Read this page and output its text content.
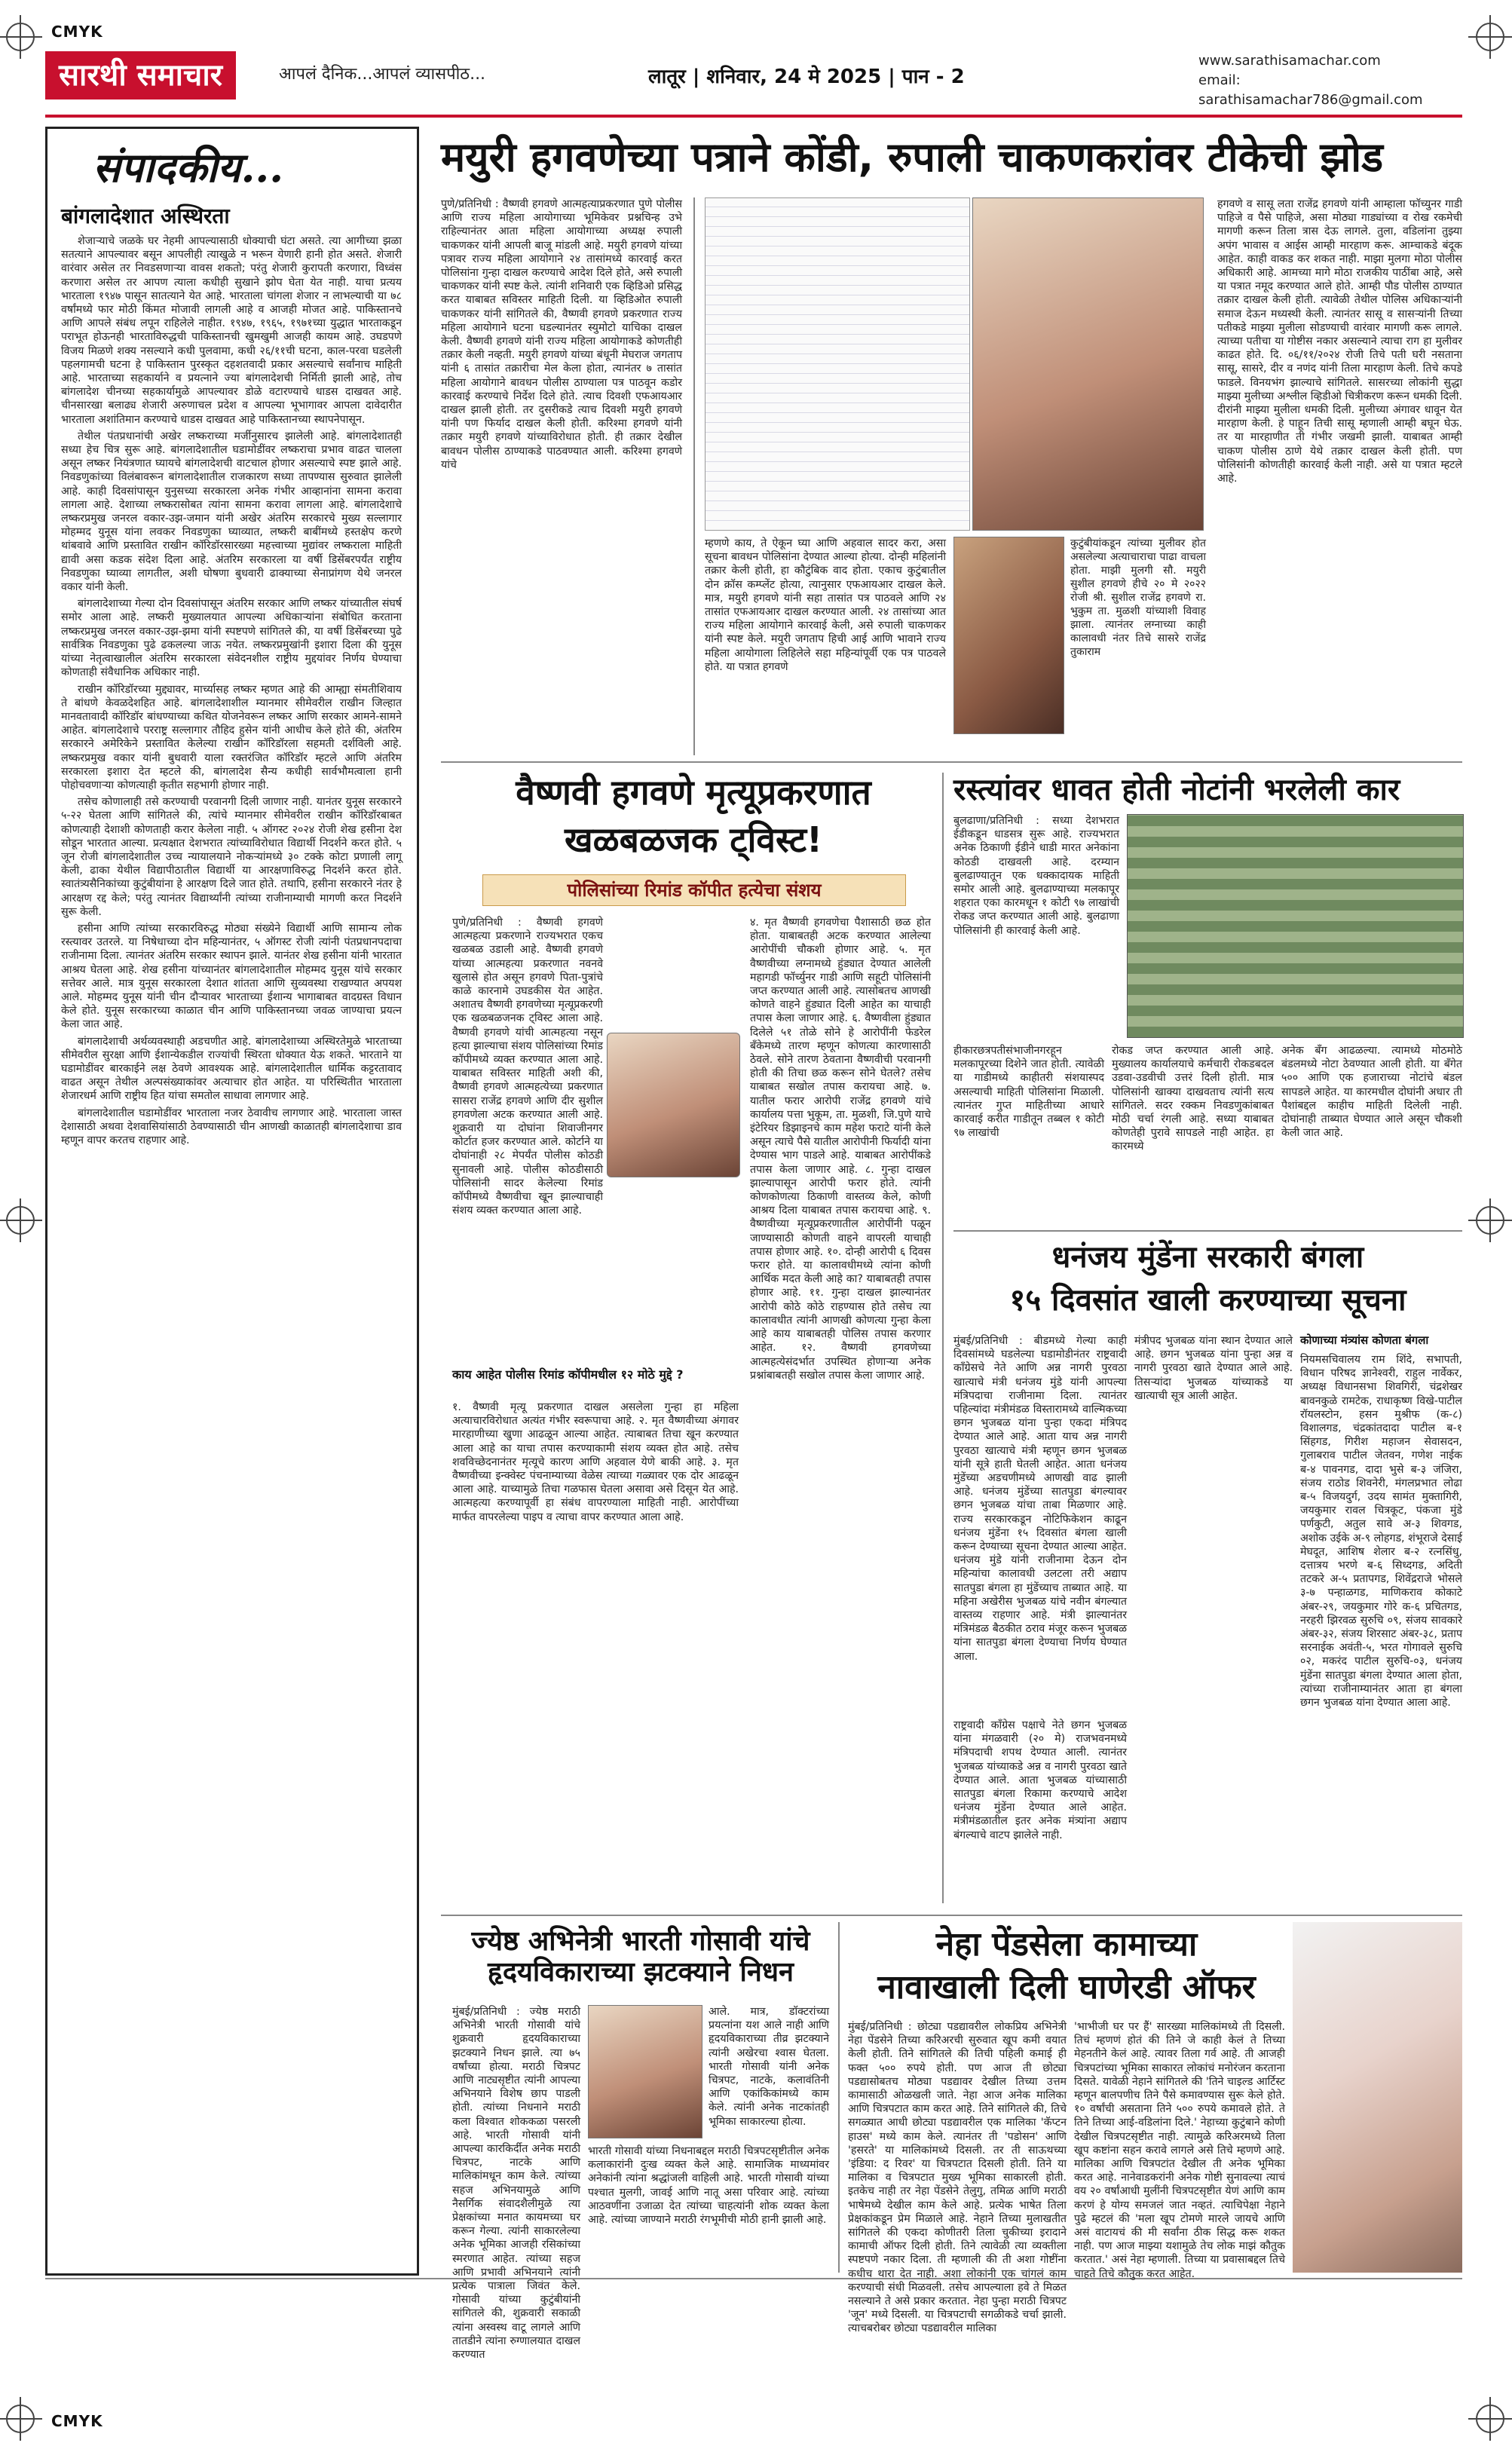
CMYK
CMYK
सारथी समाचार	आपलं दैनिक...आपलं व्यासपीठ...	लातूर | शनिवार, 24 मे 2025 | पान - 2
www.sarathisamachar.com
email: sarathisamachar786@gmail.com
संपादकीय...
बांगलादेशात अस्थिरता

शेजाऱ्याचे जळके घर नेहमी आपल्यासाठी धोक्याची घंटा असते. त्या आगीच्या झळा सतत्याने आपल्यावर बसून आपलीही त्याखुळे न भरून येणारी हानी होत असते. शेजारी वारंवार असेल तर निवडसणाऱ्या वावस शकतो; परंतु शेजारी कुरापती करणारा, विध्वंस करणारा असेल तर आपण त्याला कधीही सुखाने झोप घेता येत नाही. याचा प्रत्यय भारताला १९४७ पासून सातत्याने येत आहे. भारताला चांगला शेजार न लाभल्याची या ७८ वर्षांमध्ये फार मोठी किंमत मोजावी लागली आहे व आजही मोजत आहे. पाकिस्तानचे आणि आपले संबंध लपून राहिलेले नाहीत. १९४७, १९६५, १९७१च्या युद्धात भारताकडून पराभूत होऊनही भारताविरुद्धची पाकिस्तानची खुमखुमी आजही कायम आहे. उघडपणे विजय मिळणे शक्य नसल्याने कधी पुलवामा, कधी २६/११ची घटना, काल-परवा घडलेली पहलगामची घटना हे पाकिस्तान पुरस्कृत दहशतवादी प्रकार असल्याचे सर्वांनाच माहिती आहे. भारताच्या सहकार्याने व प्रयत्नाने ज्या बांगलादेशची निर्मिती झाली आहे, तोच बांगलादेश चीनच्या सहकार्यामुळे आपल्यावर डोळे वटारण्याचे धाडस दाखवत आहे. चीनसारखा बलाढ्य शेजारी अरुणाचल प्रदेश व आपल्या भूभागावर आपला दावेदारीत भारताला अशांतिमान करण्याचे धाडस दाखवत आहे पाकिस्तानच्या स्थापनेपासून.

तेथील पंतप्रधानांची अखेर लष्कराच्या मर्जीनुसारच झालेली आहे. बांगलादेशातही सध्या हेच चित्र सुरू आहे. बांगलादेशातील घडामोडींवर लष्कराचा प्रभाव वाढत चालला असून लष्कर नियंत्रणात घ्यायचे बांगलादेशची वाटचाल होणार असल्याचे स्पष्ट झाले आहे. निवडणुकांच्या विलंबावरून बांगलादेशातील राजकारण सध्या तापण्यास सुरुवात झालेली आहे. काही दिवसांपासून युनुसच्या सरकारला अनेक गंभीर आव्हानांना सामना करावा लागला आहे. देशाच्या लष्करासोबत त्यांना सामना करावा लागला आहे. बांगलादेशाचे लष्करप्रमुख जनरल वकार-उझ-जमान यांनी अखेर अंतरिम सरकारचे मुख्य सल्लागार मोहम्मद युनूस यांना लवकर निवडणुका घ्याव्यात, लष्करी बाबींमध्ये हस्तक्षेप करणे थांबवावे आणि प्रस्तावित राखीन कॉरिडॉरसारख्या महत्त्वाच्या मुद्यांवर लष्कराला माहिती द्यावी असा कडक संदेश दिला आहे. अंतरिम सरकारला या वर्षी डिसेंबरपर्यंत राष्ट्रीय निवडणुका घ्याव्या लागतील, अशी घोषणा बुधवारी ढाक्याच्या सेनाप्रांगण येथे जनरल वकार यांनी केली.

बांगलादेशाच्या गेल्या दोन दिवसांपासून अंतरिम सरकार आणि लष्कर यांच्यातील संघर्ष समोर आला आहे. लष्करी मुख्यालयात आपल्या अधिकाऱ्यांना संबोधित करताना लष्करप्रमुख जनरल वकार-उझ-झमा यांनी स्पष्टपणे सांगितले की, या वर्षी डिसेंबरच्या पुढे सार्वत्रिक निवडणुका पुढे ढकलल्या जाऊ नयेत. लष्करप्रमुखांनी इशारा दिला की युनूस यांच्या नेतृत्वाखालील अंतरिम सरकारला संवेदनशील राष्ट्रीय मुद्दयांवर निर्णय घेण्याचा कोणताही संवैधानिक अधिकार नाही.

राखीन कॉरिडॉरच्या मुद्द्यावर, मार्च्यासह लष्कर म्हणत आहे की आम्ह्या संमतीशिवाय ते बांधणे केवळदेशहित आहे. बांगलादेशाशील म्यानमार सीमेवरील राखीन जिल्हात मानवतावादी कॉरिडॉर बांधण्याच्या कथित योजनेवरून लष्कर आणि सरकार आमने-सामने आहेत. बांगलादेशाचे परराष्ट्र सल्लागार तौहिद हुसेन यांनी आधीच केले होते की, अंतरिम सरकारने अमेरिकेने प्रस्तावित केलेल्या राखीन कॉरिडॉरला सहमती दर्शविली आहे. लष्करप्रमुख वकार यांनी बुधवारी याला रक्तरंजित कॉरिडॉर म्हटले आणि अंतरिम सरकारला इशारा देत म्हटले की, बांगलादेश सैन्य कधीही सार्वभौमत्वाला हानी पोहोचवणाऱ्या कोणत्याही कृतीत सहभागी होणार नाही.

तसेच कोणालाही तसे करण्याची परवानगी दिली जाणार नाही. यानंतर युनूस सरकारने ५-२२ घेतला आणि सांगितले की, त्यांचे म्यानमार सीमेवरील राखीन कॉरिडॉरबाबत कोणत्याही देशाशी कोणताही करार केलेला नाही. ५ ऑगस्ट २०२४ रोजी शेख हसीना देश सोडून भारतात आल्या. प्रत्यक्षात देशभरात त्यांच्याविरोधात विद्यार्थी निदर्शने करत होते. ५ जून रोजी बांगलादेशातील उच्च न्यायालयाने नोकऱ्यांमध्ये ३० टक्के कोटा प्रणाली लागू केली, ढाका येथील विद्यापीठातील विद्यार्थी या आरक्षणाविरुद्ध निदर्शने करत होते. स्वातंत्र्यसैनिकांच्या कुटुंबीयांना हे आरक्षण दिले जात होते. तथापि, हसीना सरकारने नंतर हे आरक्षण रद्द केले; परंतु त्यानंतर विद्यार्थ्यांनी त्यांच्या राजीनाम्याची मागणी करत निदर्शने सुरू केली.

हसीना आणि त्यांच्या सरकारविरुद्ध मोठ्या संख्येने विद्यार्थी आणि सामान्य लोक रस्त्यावर उतरले. या निषेधाच्या दोन महिन्यानंतर, ५ ऑगस्ट रोजी त्यांनी पंतप्रधानपदाचा राजीनामा दिला. त्यानंतर अंतरिम सरकार स्थापन झाले. यानंतर शेख हसीना यांनी भारतात आश्रय घेतला आहे. शेख हसीना यांच्यानंतर बांगलादेशातील मोहम्मद युनूस यांचे सरकार सत्तेवर आले. मात्र युनूस सरकारला देशात शांतता आणि सुव्यवस्था राखण्यात अपयश आले. मोहम्मद युनूस यांनी चीन दौऱ्यावर भारताच्या ईशान्य भागाबाबत वादग्रस्त विधान केले होते. युनूस सरकारच्या काळात चीन आणि पाकिस्तानच्या जवळ जाण्याचा प्रयत्न केला जात आहे.

बांगलादेशाची अर्थव्यवस्थाही अडचणीत आहे. बांगलादेशाच्या अस्थिरतेमुळे भारताच्या सीमेवरील सुरक्षा आणि ईशान्येकडील राज्यांची स्थिरता धोक्यात येऊ शकते. भारताने या घडामोडींवर बारकाईने लक्ष ठेवणे आवश्यक आहे. बांगलादेशातील धार्मिक कट्टरतावाद वाढत असून तेथील अल्पसंख्याकांवर अत्याचार होत आहेत. या परिस्थितीत भारताला शेजारधर्म आणि राष्ट्रीय हित यांचा समतोल साधावा लागणार आहे.

बांगलादेशातील घडामोडींवर भारताला नजर ठेवावीच लागणार आहे. भारताला जास्त देशासाठी अथवा देशवासियांसाठी ठेवण्यासाठी चीन आणखी काळातही बांगलादेशाचा डाव म्हणून वापर करतच राहणार आहे.

मयुरी हगवणेच्या पत्राने कोंडी, रुपाली चाकणकरांवर टीकेची झोड
पुणे/प्रतिनिधी : वैष्णवी हगवणे आत्महत्याप्रकरणात पुणे पोलीस आणि राज्य महिला आयोगाच्या भूमिकेवर प्रश्नचिन्ह उभे राहिल्यानंतर आता महिला आयोगाच्या अध्यक्ष रुपाली चाकणकर यांनी आपली बाजू मांडली आहे. मयुरी हगवणे यांच्या पत्रावर राज्य महिला आयोगाने २४ तासांमध्ये कारवाई करत पोलिसांना गुन्हा दाखल करण्याचे आदेश दिले होते, असे रुपाली चाकणकर यांनी स्पष्ट केले. त्यांनी शनिवारी एक व्हिडिओ प्रसिद्ध करत याबाबत सविस्तर माहिती दिली. या व्हिडिओत रुपाली चाकणकर यांनी सांगितले की, वैष्णवी हगवणे प्रकरणात राज्य महिला आयोगाने घटना घडल्यानंतर स्युमोटो याचिका दाखल केली. वैष्णवी हगवणे यांनी राज्य महिला आयोगाकडे कोणतीही तक्रार केली नव्हती. मयुरी हगवणे यांच्या बंधूनी मेघराज जगताप यांनी ६ तासांत तक्रारीचा मेल केला होता, त्यानंतर ७ तासांत महिला आयोगाने बावधन पोलीस ठाण्याला पत्र पाठवून कडोर कारवाई करण्याचे निर्देश दिले होते. त्याच दिवशी एफआयआर दाखल झाली होती. तर दुसरीकडे त्याच दिवशी मयुरी हगवणे यांनी पण फिर्याद दाखल केली होती. करिश्मा हगवणे यांनी तक्रार मयुरी हगवणे यांच्याविरोधात होती. ही तक्रार देखील बावधन पोलीस ठाण्याकडे पाठवण्यात आली. करिश्मा हगवणे यांचे
म्हणणे काय, ते ऐकून घ्या आणि अहवाल सादर करा, असा सूचना बावधन पोलिसांना देण्यात आल्या होत्या. दोन्ही महिलांनी तक्रार केली होती, हा कौटुंबिक वाद होता. एकाच कुटुंबातील दोन क्रॉस कम्प्लेंट होत्या, त्यानुसार एफआयआर दाखल केले. मात्र, मयुरी हगवणे यांनी सहा तासांत पत्र पाठवले आणि २४ तासांत एफआयआर दाखल करण्यात आली. २४ तासांच्या आत राज्य महिला आयोगाने कारवाई केली, असे रुपाली चाकणकर यांनी स्पष्ट केले. मयुरी जगताप हिची आई आणि भावाने राज्य महिला आयोगाला लिहिलेले सहा महिन्यांपूर्वी एक पत्र पाठवले होते. या पत्रात हगवणे
कुटुंबीयांकडून त्यांच्या मुलीवर होत असलेल्या अत्याचाराचा पाढा वाचला होता. माझी मुलगी सौ. मयुरी सुशील हगवणे हीचे २० मे २०२२ रोजी श्री. सुशील राजेंद्र हगवणे रा. भुकुम ता. मुळशी यांच्याशी विवाह झाला. त्यानंतर लग्नाच्या काही कालावधी नंतर तिचे सासरे राजेंद्र तुकाराम
हगवणे व सासू लता राजेंद्र हगवणे यांनी आम्हाला फॉच्युनर गाडी पाहिजे व पैसे पाहिजे, असा मोठ्या गाड्यांच्या व रोख रकमेची मागणी करून तिला त्रास देऊ लागले. तुला, वडिलांना तुझ्या अपंग भावास व आईस आम्ही मारहाण करू. आम्चाकडे बंदूक आहेत. काही वाकड कर शकत नाही. माझा मुलगा मोठा पोलीस अधिकारी आहे. आमच्या मागे मोठा राजकीय पाठींबा आहे, असे या पत्रात नमूद करण्यात आले होते. आम्ही पौड पोलीस ठाण्यात तक्रार दाखल केली होती. त्यावेळी तेथील पोलिस अधिकाऱ्यांनी समाज देऊन मध्यस्थी केली. त्यानंतर सासू व सासऱ्यांनी तिच्या पतीकडे माझ्या मुलीला सोडण्याची वारंवार मागणी करू लागले. त्याच्या पतीचा या गोष्टीस नकार असल्याने त्याचा राग हा मुलीवर काढत होते. दि. ०६/११/२०२४ रोजी तिचे पती घरी नसताना सासू, सासरे, दीर व नणंद यांनी तिला मारहाण केली. तिचे कपडे फाडले. विनयभंग झाल्याचे सांगितले. सासरच्या लोकांनी सुद्धा माझ्या मुलीच्या अश्लील व्हिडीओ चित्रीकरण करून धमकी दिली. दीरांनी माझ्या मुलीला धमकी दिली. मुलीच्या अंगावर धावून येत मारहाण केली. हे पाहून तिची सासू म्हणाली आम्ही बघून घेऊ. तर या मारहाणीत ती गंभीर जखमी झाली. याबाबत आम्ही चाकण पोलीस ठाणे येथे तक्रार दाखल केली होती. पण पोलिसांनी कोणतीही कारवाई केली नाही. असे या पत्रात म्हटले आहे.
वैष्णवी हगवणे मृत्यूप्रकरणात
खळबळजक ट्विस्ट!
पोलिसांच्या रिमांड कॉपीत हत्येचा संशय
पुणे/प्रतिनिधी : वैष्णवी हगवणे आत्महत्या प्रकरणाने राज्यभरात एकच खळबळ उडाली आहे. वैष्णवी हगवणे यांच्या आत्महत्या प्रकरणात नवनवे खुलासे होत असून हगवणे पिता-पुत्रांचे काळे कारनामे उघडकीस येत आहेत. अशातच वैष्णवी हगवणेच्या मृत्यूप्रकरणी एक खळबळजनक ट्विस्ट आला आहे. वैष्णवी हगवणे यांची आत्महत्या नसून हत्या झाल्याचा संशय पोलिसांच्या रिमांड कॉपीमध्ये व्यक्त करण्यात आला आहे. याबाबत सविस्तर माहिती अशी की, वैष्णवी हगवणे आत्महत्येच्या प्रकरणात सासरा राजेंद्र हगवणे आणि दीर सुशील हगवणेला अटक करण्यात आली आहे. शुक्रवारी या दोघांना शिवाजीनगर कोर्टात हजर करण्यात आले. कोर्टाने या दोघांनाही २८ मेपर्यंत पोलीस कोठडी सुनावली आहे. पोलीस कोठडीसाठी पोलिसांनी सादर केलेल्या रिमांड कॉपीमध्ये वैष्णवीचा खून झाल्याचाही संशय व्यक्त करण्यात आला आहे.
काय आहेत पोलीस रिमांड कॉपीमधील १२ मोठे मुद्दे ?
१. वैष्णवी मृत्यू प्रकरणात दाखल असलेला गुन्हा हा महिला अत्याचारविरोधात अत्यंत गंभीर स्वरूपाचा आहे. २. मृत वैष्णवीच्या अंगावर मारहाणीच्या खुणा आढळून आल्या आहेत. त्याबाबत तिचा खून करण्यात आला आहे का याचा तपास करण्याकामी संशय व्यक्त होत आहे. तसेच शवविच्छेदनानंतर मृत्यूचे कारण आणि अहवाल येणे बाकी आहे. ३. मृत वैष्णवीच्या इन्क्वेस्ट पंचनाम्याच्या वेळेस त्याच्या गळ्यावर एक दोर आढळून आला आहे. याच्यामुळे तिचा गळफास घेतला असावा असे दिसून येत आहे. आत्महत्या करण्यापूर्वी हा संबंध वापरण्याला माहिती नाही. आरोपींच्या मार्फत वापरलेल्या पाइप व त्याचा वापर करण्यात आला आहे.
४. मृत वैष्णवी हगवणेचा पैशासाठी छळ होत होता. याबाबतही अटक करण्यात आलेल्या आरोपींची चौकशी होणार आहे. ५. मृत वैष्णवीच्या लग्नामध्ये हुंड्यात देण्यात आलेली महागडी फॉर्च्युनर गाडी आणि सहूटी पोलिसांनी जप्त करण्यात आली आहे. त्यासोबतच आणखी कोणते वाहने हुंड्यात दिली आहेत का याचाही तपास केला जाणार आहे. ६. वैष्णवीला हुंड्यात दिलेले ५१ तोळे सोने हे आरोपींनी फेडरेल बँकेमध्ये तारण म्हणून कोणत्या कारणासाठी ठेवले. सोने तारण ठेवताना वैष्णवीची परवानगी होती की तिचा छळ करून सोने घेतले? तसेच याबाबत सखोल तपास करायचा आहे. ७. यातील फरार आरोपी राजेंद्र हगवणे यांचे कार्यालय पत्ता भुकूम, ता. मुळशी, जि.पुणे याचे इंटेरियर डिझाइनचे काम महेश फराटे यांनी केले असून त्याचे पैसे यातील आरोपीनी फिर्यादी यांना देण्यास भाग पाडले आहे. याबाबत आरोपींकडे तपास केला जाणार आहे. ८. गुन्हा दाखल झाल्यापासून आरोपी फरार होते. त्यांनी कोणकोणत्या ठिकाणी वास्तव्य केले, कोणी आश्रय दिला याबाबत तपास करायचा आहे. ९. वैष्णवीच्या मृत्यूप्रकरणातील आरोपींनी पळून जाण्यासाठी कोणती वाहने वापरली याचाही तपास होणार आहे. १०. दोन्ही आरोपी ६ दिवस फरार होते. या कालावधीमध्ये त्यांना कोणी आर्थिक मदत केली आहे का? याबाबतही तपास होणार आहे. ११. गुन्हा दाखल झाल्यानंतर आरोपी कोठे कोठे राहण्यास होते तसेच त्या कालावधीत त्यांनी आणखी कोणत्या गुन्हा केला आहे काय याबाबतही पोलिस तपास करणार आहेत. १२. वैष्णवी हगवणेच्या आत्महत्येसंदर्भात उपस्थित होणाऱ्या अनेक प्रश्नांबाबतही सखोल तपास केला जाणार आहे.
रस्त्यांवर धावत होती नोटांनी भरलेली कार
बुलढाणा/प्रतिनिधी : सध्या देशभरात ईडीकडून धाडसत्र सुरू आहे. राज्यभरात अनेक ठिकाणी ईडीने धाडी मारत अनेकांना कोठडी दाखवली आहे. दरम्यान बुलढाण्यातून एक धक्कादायक माहिती समोर आली आहे. बुलढाण्याच्या मलकापूर शहरात एका कारमधून १ कोटी ९७ लाखांची रोकड जप्त करण्यात आली आहे. बुलढाणा पोलिसांनी ही कारवाई केली आहे.
हीकारछत्रपतीसंभाजीनगरहून मलकापूरच्या दिशेने जात होती. त्यावेळी या गाडीमध्ये काहीतरी संशयास्पद असल्याची माहिती पोलिसांना मिळाली. त्यानंतर गुप्त माहितीच्या आधारे कारवाई करीत गाडीतून तब्बल १ कोटी ९७ लाखांची
रोकड जप्त करण्यात आली आहे. मुख्यालय कार्यालयाचे कर्मचारी रोकडबदल उडवा-उडवीची उत्तरं दिली होती. मात्र पोलिसांनी खाक्या दाखवताच त्यांनी सत्य सांगितले. सदर रक्कम निवडणुकांबाबत मोठी चर्चा रंगली आहे. सध्या याबाबत कोणतेही पुरावे सापडले नाही आहेत. हा कारमध्ये
अनेक बँग आढळल्या. त्यामध्ये मोठमोठे बंडलमध्ये नोटा ठेवण्यात आली होती. या बँगेत ५०० आणि एक हजाराच्या नोटांचे बंडल सापडले आहेत. या कारमधील दोघांनी अधार ती पैशांबद्दल काहीच माहिती दिलेली नाही. दोघांनाही ताब्यात घेण्यात आले असून चौकशी केली जात आहे.
धनंजय मुंडेंना सरकारी बंगला
१५ दिवसांत खाली करण्याच्या सूचना
मुंबई/प्रतिनिधी : बीडमध्ये गेल्या काही दिवसांमध्ये घडलेल्या घडामोडीनंतर राष्ट्रवादी काँग्रेसचे नेते आणि अन्न नागरी पुरवठा खात्याचे मंत्री धनंजय मुंडे यांनी आपल्या मंत्रिपदाचा राजीनामा दिला. त्यानंतर पहिल्यांदा मंत्रीमंडळ विस्तारामध्ये वाल्मिकच्या छगन भुजबळ यांना पुन्हा एकदा मंत्रिपद देण्यात आले आहे. आता याच अन्न नागरी पुरवठा खात्याचे मंत्री म्हणून छगन भुजबळ यांनी सूत्रे हाती घेतली आहेत. आता धनंजय मुंडेंच्या अडचणीमध्ये आणखी वाढ झाली आहे. धनंजय मुंडेंच्या सातपुडा बंगल्यावर छगन भुजबळ यांचा ताबा मिळणार आहे. राज्य सरकारकडून नोटिफिकेशन काढून धनंजय मुंडेंना १५ दिवसांत बंगला खाली करून देण्याच्या सूचना देण्यात आल्या आहेत. धनंजय मुंडे यांनी राजीनामा देऊन दोन महिन्यांचा कालावधी उलटला तरी अद्याप सातपुडा बंगला हा मुंडेंच्याच ताब्यात आहे. या महिना अखेरीस भुजबळ यांचे नवीन बंगल्यात वास्तव्य राहणार आहे. मंत्री झाल्यानंतर मंत्रिमंडळ बैठकीत ठराव मंजूर करून भुजबळ यांना सातपुडा बंगला देण्याचा निर्णय घेण्यात आला.
राष्ट्रवादी काँग्रेस पक्षाचे नेते छगन भुजबळ यांना मंगळवारी (२० मे) राजभवनमध्ये मंत्रिपदाची शपथ देण्यात आली. त्यानंतर भुजबळ यांच्याकडे अन्न व नागरी पुरवठा खाते देण्यात आले. आता भुजबळ यांच्यासाठी सातपुडा बंगला रिकामा करण्याचे आदेश धनंजय मुंडेंना देण्यात आले आहेत. मंत्रीमंडळातील इतर अनेक मंत्र्यांना अद्याप बंगल्याचे वाटप झालेले नाही.
मंत्रीपद भुजबळ यांना स्थान देण्यात आले आहे. छगन भुजबळ यांना पुन्हा अन्न व नागरी पुरवठा खाते देण्यात आले आहे. तिसऱ्यांदा भुजबळ यांच्याकडे या खात्याची सूत्र आली आहेत.
कोणाच्या मंत्र्यांस कोणता बंगला
नियमसचिवालय राम शिंदे, सभापती, विधान परिषद ज्ञानेश्वरी, राहुल नार्वेकर, अध्यक्ष विधानसभा शिवगिरी, चंद्रशेखर बावनकुळे रामटेक, राधाकृष्ण विखे-पाटील रॉयलस्टोन, हसन मुश्रीफ (क-८) विशालगड, चंद्रकांतदादा पाटील ब-१ सिंहगड, गिरीश महाजन सेवासदन, गुलाबराव पाटील जेतवन, गणेश नाईक ब-४ पावनगड, दादा भुसे ब-३ जंजिरा, संजय राठोड शिवनेरी, मंगलप्रभात लोढा ब-५ विजयदुर्ग, उदय सामंत मुक्तागिरी, जयकुमार रावल चित्रकूट, पंकजा मुंडे पर्णकुटी, अतुल सावे अ-३ शिवगड, अशोक उईके अ-९ लोहगड, शंभूराजे देसाई मेघदूत, आशिष शेलार ब-२ रत्नसिंधु, दत्तात्रय भरणे ब-६ सिध्दगड, अदिती तटकरे अ-५ प्रतापगड, शिवेंद्रराजे भोसले ३-७ पन्हाळगड, माणिकराव कोकाटे अंबर-२९, जयकुमार गोरे क-६ प्रचितगड, नरहरी झिरवळ सुरुचि ०९, संजय सावकारे अंबर-३२, संजय शिरसाट अंबर-३८, प्रताप सरनाईक अवंती-५, भरत गोगावले सुरुचि ०२, मकरंद पाटील सुरुचि-०३, धनंजय मुंडेंना सातपुडा बंगला देण्यात आला होता, त्यांच्या राजीनाम्यानंतर आता हा बंगला छगन भुजबळ यांना देण्यात आला आहे.
ज्येष्ठ अभिनेत्री भारती गोसावी यांचे हृदयविकाराच्या झटक्याने निधन
मुंबई/प्रतिनिधी : ज्येष्ठ मराठी अभिनेत्री भारती गोसावी यांचे शुक्रवारी हृदयविकाराच्या झटक्याने निधन झाले. त्या ७५ वर्षांच्या होत्या. मराठी चित्रपट आणि नाट्यसृष्टीत त्यांनी आपल्या अभिनयाने विशेष छाप पाडली होती. त्यांच्या निधनाने मराठी कला विश्वात शोककळा पसरली आहे. भारती गोसावी यांनी आपल्या कारकिर्दीत अनेक मराठी चित्रपट, नाटके आणि मालिकांमधून काम केले. त्यांच्या सहज अभिनयामुळे आणि नैसर्गिक संवादशैलीमुळे त्या प्रेक्षकांच्या मनात कायमच्या घर करून गेल्या. त्यांनी साकारलेल्या अनेक भूमिका आजही रसिकांच्या स्मरणात आहेत. त्यांच्या सहज आणि प्रभावी अभिनयाने त्यांनी प्रत्येक पात्राला जिवंत केले. गोसावी यांच्या कुटुंबीयांनी सांगितले की, शुक्रवारी सकाळी त्यांना अस्वस्थ वाटू लागले आणि तातडीने त्यांना रुग्णालयात दाखल करण्यात
आले. मात्र, डॉक्टरांच्या प्रयत्नांना यश आले नाही आणि हृदयविकाराच्या तीव्र झटक्याने त्यांनी अखेरचा श्वास घेतला. भारती गोसावी यांनी अनेक चित्रपट, नाटके, कलावंतिनी आणि एकांकिकांमध्ये काम केले. त्यांनी अनेक नाटकांतही भूमिका साकारल्या होत्या.
भारती गोसावी यांच्या निधनाबद्दल मराठी चित्रपटसृष्टीतील अनेक कलाकारांनी दुःख व्यक्त केले आहे. सामाजिक माध्यमांवर अनेकांनी त्यांना श्रद्धांजली वाहिली आहे. भारती गोसावी यांच्या पश्चात मुलगी, जावई आणि नातू असा परिवार आहे. त्यांच्या आठवणींना उजाळा देत त्यांच्या चाहत्यांनी शोक व्यक्त केला आहे. त्यांच्या जाण्याने मराठी रंगभूमीची मोठी हानी झाली आहे.
नेहा पेंडसेला कामाच्या
नावाखाली दिली घाणेरडी ऑफर
मुंबई/प्रतिनिधी : छोट्या पडद्यावरील लोकप्रिय अभिनेत्री नेहा पेंडसेने तिच्या करिअरची सुरुवात खूप कमी वयात केली होती. तिने सांगितले की तिची पहिली कमाई ही फक्त ५०० रुपये होती. पण आज ती छोट्या पडद्यासोबतच मोठ्या पडद्यावर देखील तिच्या उत्तम कामासाठी ओळखली जाते. नेहा आज अनेक मालिका आणि चित्रपटात काम करत आहे. तिने सांगितले की, तिचे सगळ्यात आधी छोट्या पडद्यावरील एक मालिका 'कॅप्टन हाउस' मध्ये काम केले. त्यानंतर ती 'पडोसन' आणि 'हसरते' या मालिकांमध्ये दिसली. तर ती साऊथच्या 'इंडिया: द रिवर' या चित्रपटात दिसली होती. तिने या मालिका व चित्रपटात मुख्य भूमिका साकारली होती. इतकेच नाही तर नेहा पेंडसेने तेलुगु, तमिळ आणि मराठी भाषेमध्ये देखील काम केले आहे. प्रत्येक भाषेत तिला प्रेक्षकांकडून प्रेम मिळाले आहे. नेहाने तिच्या मुलाखतीत सांगितले की एकदा कोणीतरी तिला चुकीच्या इरादाने कामाची ऑफर दिली होती. तिने त्यावेळी त्या व्यक्तीला स्पष्टपणे नकार दिला. ती म्हणाली की ती अशा गोष्टींना कधीच थारा देत नाही. अशा लोकांनी एक चांगलं काम करण्याची संधी मिळवली. तसेच आपल्याला हवे ते मिळत नसल्याने ते असे प्रकार करतात. नेहा पुन्हा मराठी चित्रपट 'जून' मध्ये दिसली. या चित्रपटाची सगळीकडे चर्चा झाली. त्याचबरोबर छोट्या पडद्यावरील मालिका
'भाभीजी घर पर हैं' सारख्या मालिकांमध्ये ती दिसली. तिचं म्हणणं होतं की तिने जे काही केलं ते तिच्या मेहनतीने केलं आहे. त्यावर तिला गर्व आहे. ती आजही चित्रपटांच्या भूमिका साकारत लोकांचं मनोरंजन करताना दिसते. यावेळी नेहाने सांगितले की 'तिने चाइल्ड आर्टिस्ट म्हणून बालपणीच तिने पैसे कमावण्यास सुरू केले होते. १० वर्षांची असताना तिने ५०० रुपये कमावले होते. ते तिने तिच्या आई-वडिलांना दिले.' नेहाच्या कुटुंबाने कोणी देखील चित्रपटसृष्टीत नाही. त्यामुळे करिअरमध्ये तिला खूप कष्टांना सहन करावे लागले असे तिचे म्हणणे आहे. मालिका आणि चित्रपटांत देखील ती अनेक भूमिका करत आहे. नानेवाडकरांनी अनेक गोष्टी सुनावल्या त्याचं वय २० वर्षांआधी मुलींनी चित्रपटसृष्टीत येणं आणि काम करणं हे योग्य समजलं जात नव्हतं. त्याचिपेक्षा नेहाने पुढे म्हटलं की 'मला खूप टोमणे मारले जायचे आणि असं वाटायचं की मी सर्वांना ठीक सिद्ध करू शकत नाही. पण आज माझ्या यशामुळे तेच लोक माझं कौतुक करतात.' असं नेहा म्हणाली. तिच्या या प्रवासाबद्दल तिचे चाहते तिचे कौतुक करत आहेत.
